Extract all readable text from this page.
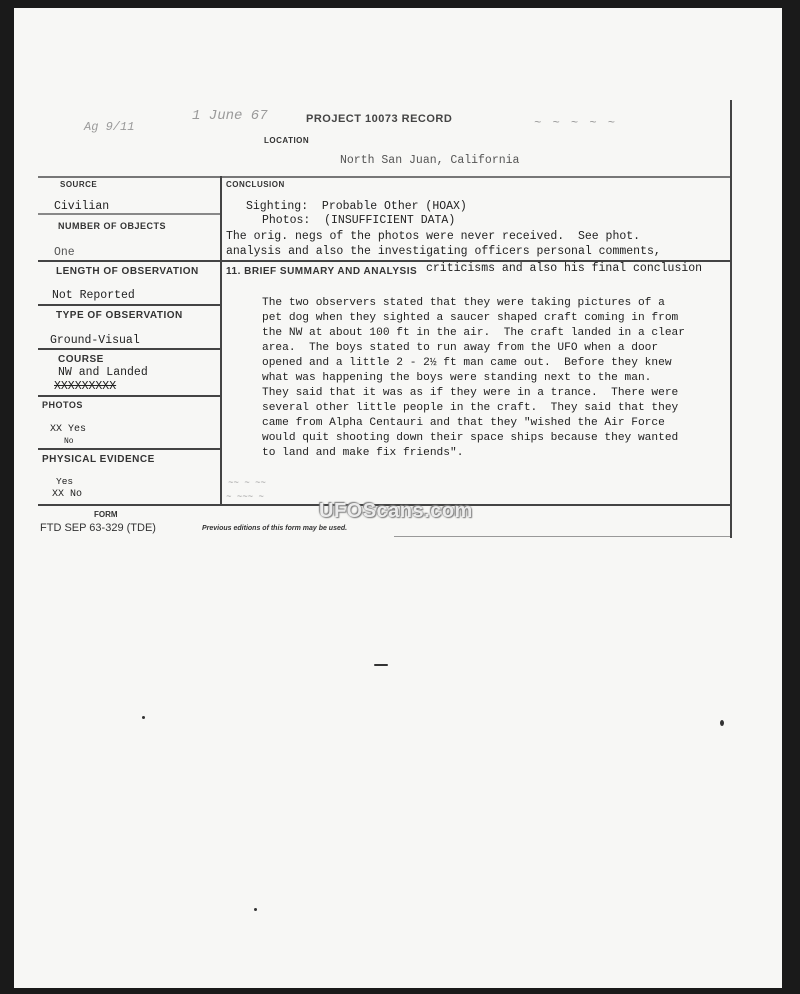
Ag 9/11
1 June 67	PROJECT 10073 RECORD	~ ~ ~ ~ ~
LOCATION
North San Juan, California
SOURCE
Civilian
NUMBER OF OBJECTS
One
LENGTH OF OBSERVATION
Not Reported
TYPE OF OBSERVATION
Ground-Visual
COURSE
NW and Landed
XXXXXXXXX
PHOTOS
XX Yes
No
PHYSICAL EVIDENCE
Yes
XX No
CONCLUSION
Sighting:  Probable Other (HOAX)
Photos:  (INSUFFICIENT DATA)
The orig. negs of the photos were never received.  See phot.
analysis and also the investigating officers personal comments,
11. BRIEF SUMMARY AND ANALYSIS criticisms and also his final conclusion
The two observers stated that they were taking pictures of a
pet dog when they sighted a saucer shaped craft coming in from
the NW at about 100 ft in the air.  The craft landed in a clear
area.  The boys stated to run away from the UFO when a door
opened and a little 2 - 2½ ft man came out.  Before they knew
what was happening the boys were standing next to the man.
They said that it was as if they were in a trance.  There were
several other little people in the craft.  They said that they
came from Alpha Centauri and that they "wished the Air Force
would quit shooting down their space ships because they wanted
to land and make fix friends".
~~ ~ ~~
~ ~~~ ~
FORM
FTD SEP 63-329 (TDE)	Previous editions of this form may be used.
UFOScans.com
